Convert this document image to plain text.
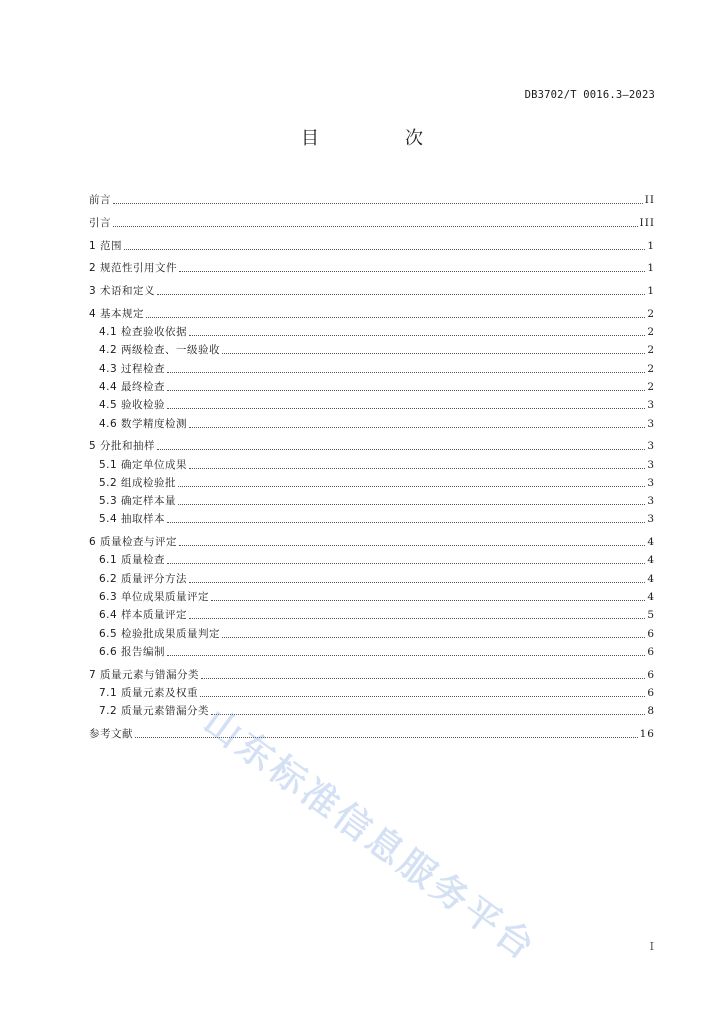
DB3702/T 0016.3—2023
目　次
前言	II
引言	III
1 范围	1
2 规范性引用文件	1
3 术语和定义	1
4 基本规定	2
4.1 检查验收依据	2
4.2 两级检查、一级验收	2
4.3 过程检查	2
4.4 最终检查	2
4.5 验收检验	3
4.6 数学精度检测	3
5 分批和抽样	3
5.1 确定单位成果	3
5.2 组成检验批	3
5.3 确定样本量	3
5.4 抽取样本	3
6 质量检查与评定	4
6.1 质量检查	4
6.2 质量评分方法	4
6.3 单位成果质量评定	4
6.4 样本质量评定	5
6.5 检验批成果质量判定	6
6.6 报告编制	6
7 质量元素与错漏分类	6
7.1 质量元素及权重	6
7.2 质量元素错漏分类	8
参考文献	16
山东标准信息服务平台	I
